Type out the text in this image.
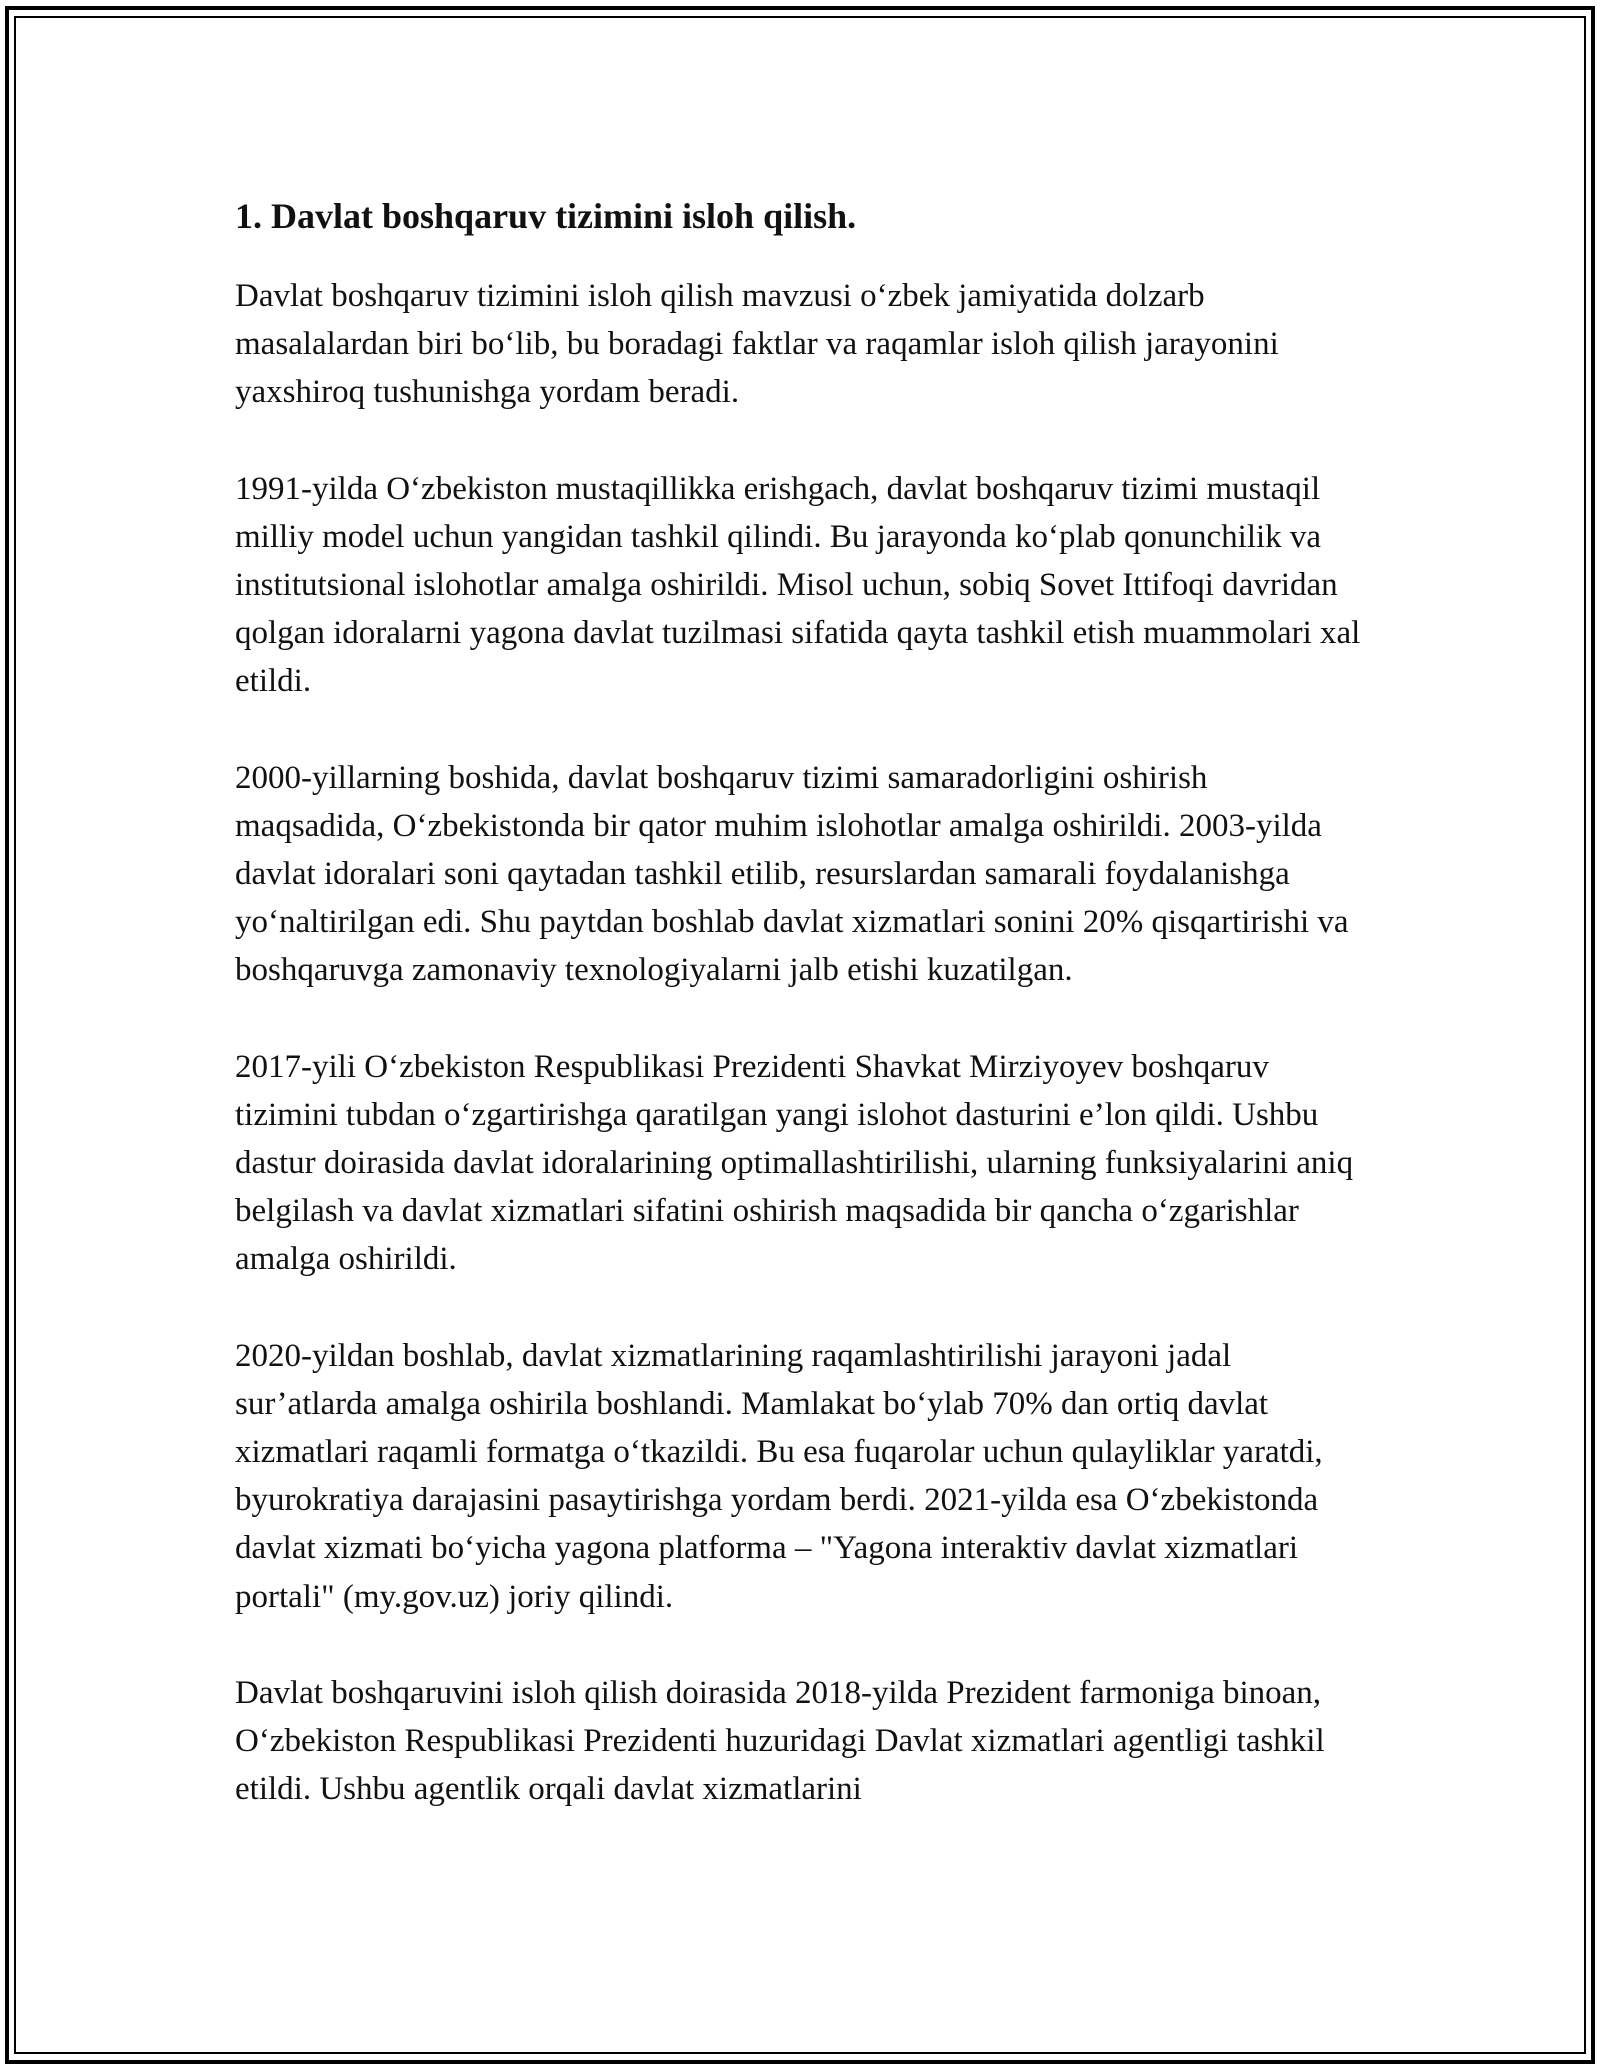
1. Davlat boshqaruv tizimini isloh qilish.

Davlat boshqaruv tizimini isloh qilish mavzusi o‘zbek jamiyatida dolzarb masalalardan biri bo‘lib, bu boradagi faktlar va raqamlar isloh qilish jarayonini yaxshiroq tushunishga yordam beradi.

1991-yilda O‘zbekiston mustaqillikka erishgach, davlat boshqaruv tizimi mustaqil milliy model uchun yangidan tashkil qilindi. Bu jarayonda ko‘plab qonunchilik va institutsional islohotlar amalga oshirildi. Misol uchun, sobiq Sovet Ittifoqi davridan qolgan idoralarni yagona davlat tuzilmasi sifatida qayta tashkil etish muammolari xal etildi.

2000-yillarning boshida, davlat boshqaruv tizimi samaradorligini oshirish maqsadida, O‘zbekistonda bir qator muhim islohotlar amalga oshirildi. 2003-yilda davlat idoralari soni qaytadan tashkil etilib, resurslardan samarali foydalanishga yo‘naltirilgan edi. Shu paytdan boshlab davlat xizmatlari sonini 20% qisqartirishi va boshqaruvga zamonaviy texnologiyalarni jalb etishi kuzatilgan.

2017-yili O‘zbekiston Respublikasi Prezidenti Shavkat Mirziyoyev boshqaruv tizimini tubdan o‘zgartirishga qaratilgan yangi islohot dasturini e’lon qildi. Ushbu dastur doirasida davlat idoralarining optimallashtirilishi, ularning funksiyalarini aniq belgilash va davlat xizmatlari sifatini oshirish maqsadida bir qancha o‘zgarishlar amalga oshirildi.

2020-yildan boshlab, davlat xizmatlarining raqamlashtirilishi jarayoni jadal sur’atlarda amalga oshirila boshlandi. Mamlakat bo‘ylab 70% dan ortiq davlat xizmatlari raqamli formatga o‘tkazildi. Bu esa fuqarolar uchun qulayliklar yaratdi, byurokratiya darajasini pasaytirishga yordam berdi. 2021-yilda esa O‘zbekistonda davlat xizmati bo‘yicha yagona platforma – "Yagona interaktiv davlat xizmatlari portali" (my.gov.uz) joriy qilindi.

Davlat boshqaruvini isloh qilish doirasida 2018-yilda Prezident farmoniga binoan, O‘zbekiston Respublikasi Prezidenti huzuridagi Davlat xizmatlari agentligi tashkil etildi. Ushbu agentlik orqali davlat xizmatlarini
